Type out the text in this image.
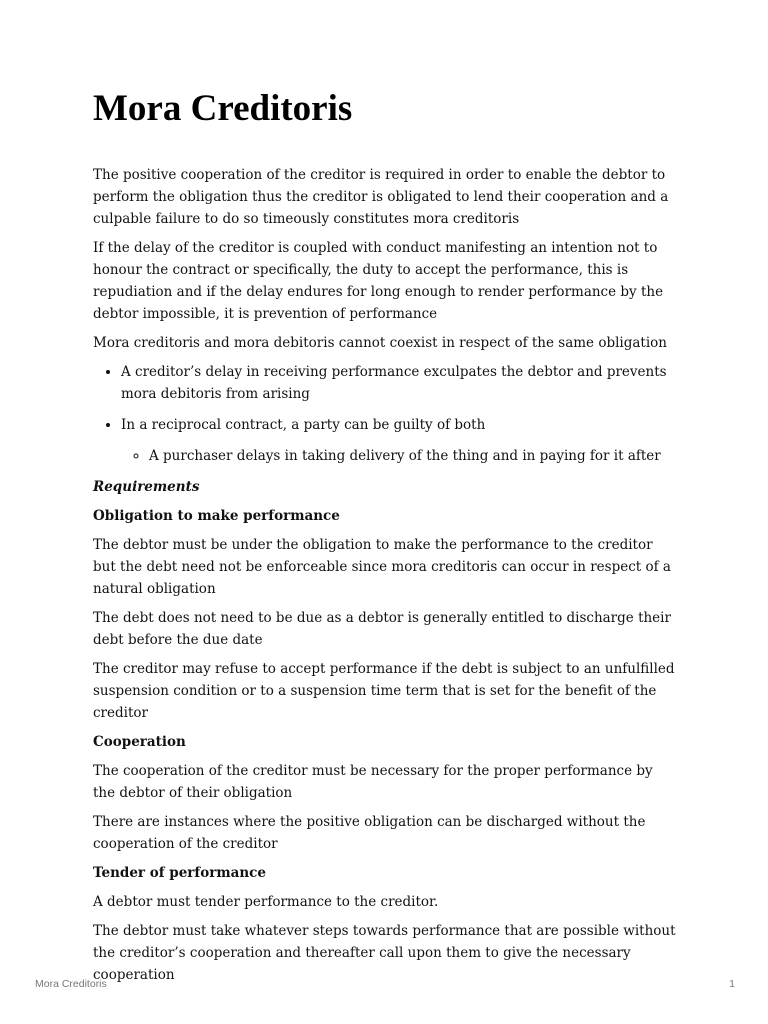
Mora Creditoris

The positive cooperation of the creditor is required in order to enable the debtor to perform the obligation thus the creditor is obligated to lend their cooperation and a culpable failure to do so timeously constitutes mora creditoris

If the delay of the creditor is coupled with conduct manifesting an intention not to honour the contract or specifically, the duty to accept the performance, this is repudiation and if the delay endures for long enough to render performance by the debtor impossible, it is prevention of performance

Mora creditoris and mora debitoris cannot coexist in respect of the same obligation

• A creditor’s delay in receiving performance exculpates the debtor and prevents mora debitoris from arising
• In a reciprocal contract, a party can be guilty of both
◦ A purchaser delays in taking delivery of the thing and in paying for it after

Requirements

Obligation to make performance

The debtor must be under the obligation to make the performance to the creditor but the debt need not be enforceable since mora creditoris can occur in respect of a natural obligation

The debt does not need to be due as a debtor is generally entitled to discharge their debt before the due date

The creditor may refuse to accept performance if the debt is subject to an unfulfilled suspension condition or to a suspension time term that is set for the benefit of the creditor

Cooperation

The cooperation of the creditor must be necessary for the proper performance by the debtor of their obligation

There are instances where the positive obligation can be discharged without the cooperation of the creditor

Tender of performance

A debtor must tender performance to the creditor.

The debtor must take whatever steps towards performance that are possible without the creditor’s cooperation and thereafter call upon them to give the necessary cooperation

Mora Creditoris	1
